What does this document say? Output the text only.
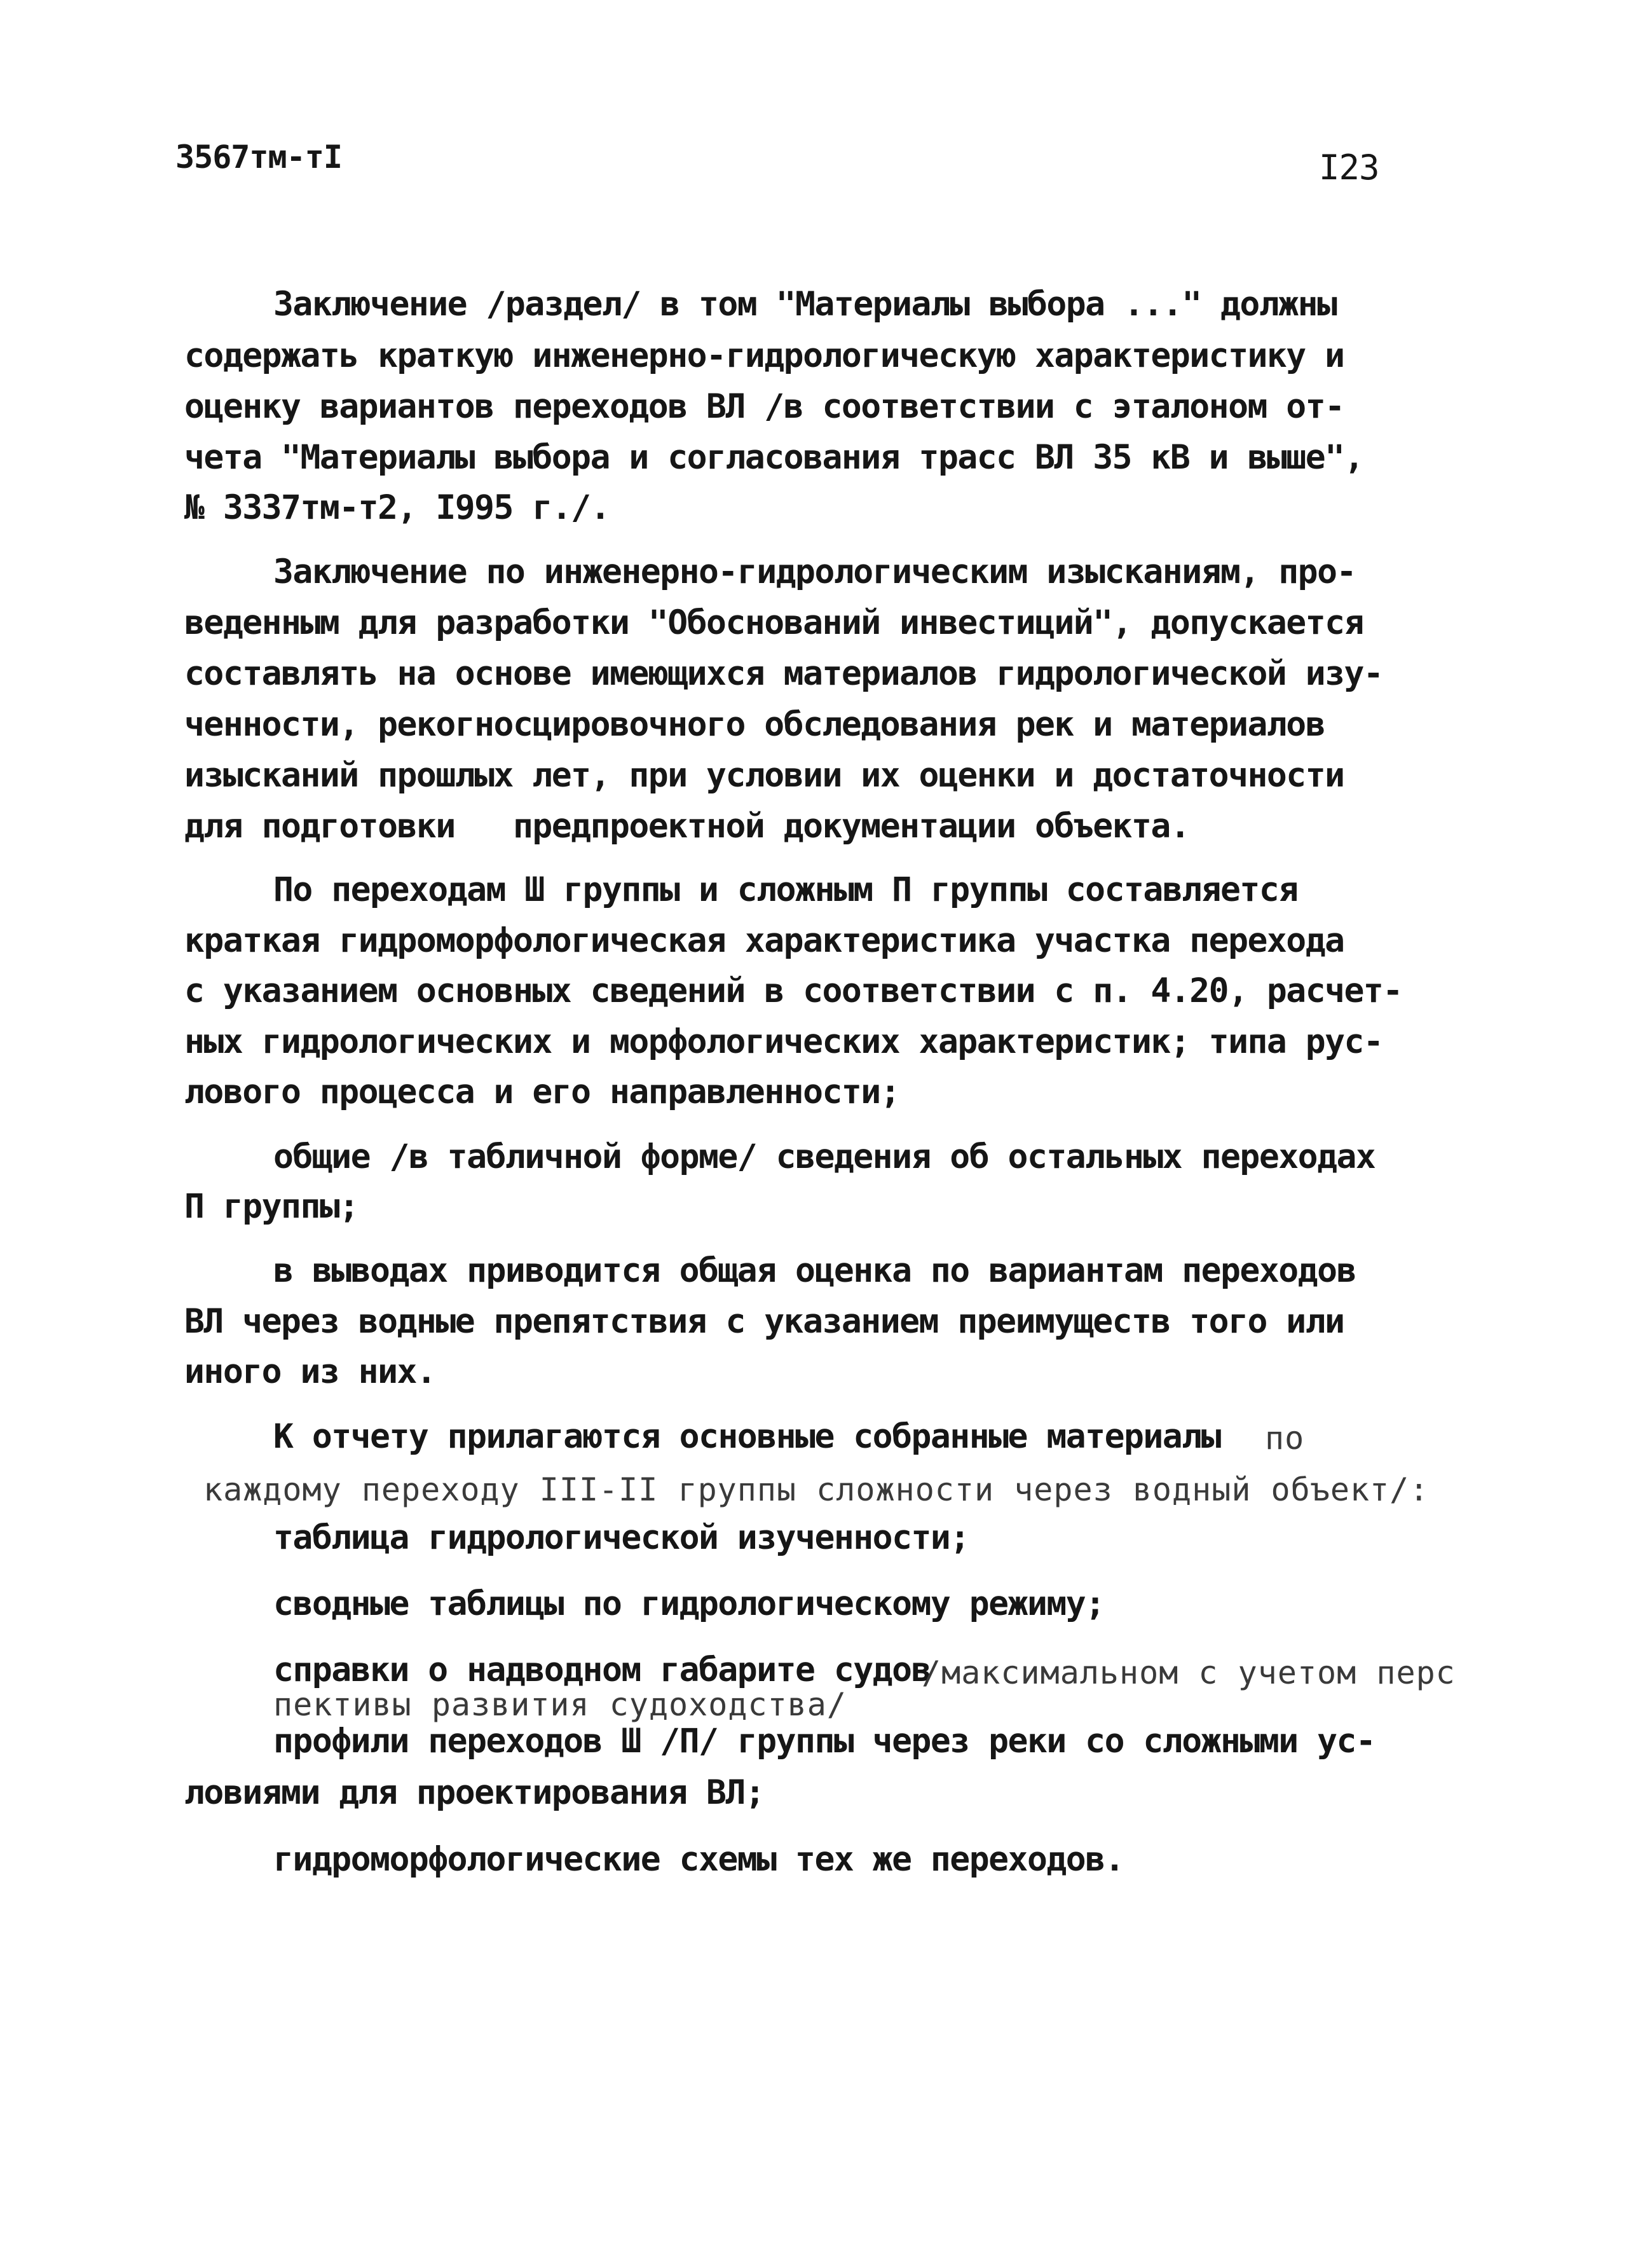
3567тм-тI	I23
Заключение /раздел/ в том "Материалы выбора ..." должны
содержать краткую инженерно-гидрологическую характеристику и
оценку вариантов переходов ВЛ /в соответствии с эталоном от-
чета "Материалы выбора и согласования трасс ВЛ 35 кВ и выше",
№ 3337тм-т2, I995 г./.
Заключение по инженерно-гидрологическим изысканиям, про-
веденным для разработки "Обоснований инвестиций", допускается
составлять на основе имеющихся материалов гидрологической изу-
ченности, рекогносцировочного обследования рек и материалов
изысканий прошлых лет, при условии их оценки и достаточности
для подготовки   предпроектной документации объекта.
По переходам Ш группы и сложным П группы составляется
краткая гидроморфологическая характеристика участка перехода
с указанием основных сведений в соответствии с п. 4.20, расчет-
ных гидрологических и морфологических характеристик; типа рус-
лового процесса и его направленности;
общие /в табличной форме/ сведения об остальных переходах
П группы;
в выводах приводится общая оценка по вариантам переходов
ВЛ через водные препятствия с указанием преимуществ того или
иного из них.
К отчету прилагаются основные собранные материалы по
каждому переходу III-II группы сложности через водный объект/:
таблица гидрологической изученности;
сводные таблицы по гидрологическому режиму;
справки о надводном габарите судов
/максимальном с учетом перс
пективы развития судоходства/
профили переходов Ш /П/ группы через реки со сложными ус-
ловиями для проектирования ВЛ;
гидроморфологические схемы тех же переходов.
